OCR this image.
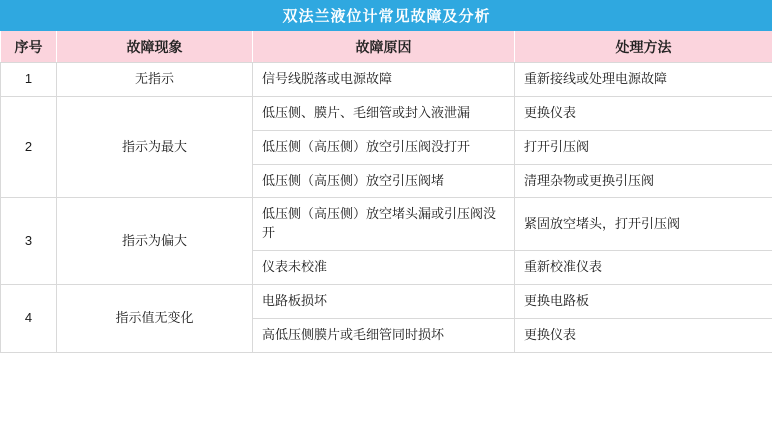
双法兰液位计常见故障及分析			
序号	故障现象	故障原因	处理方法
1	无指示	信号线脱落或电源故障	重新接线或处理电源故障
2	指示为最大	低压侧、膜片、毛细管或封入液泄漏	更换仪表
		低压侧（高压侧）放空引压阀没打开	打开引压阀
		低压侧（高压侧）放空引压阀堵	清理杂物或更换引压阀
3	指示为偏大	低压侧（高压侧）放空堵头漏或引压阀没开	紧固放空堵头，打开引压阀
		仪表未校准	重新校准仪表
4	指示值无变化	电路板损坏	更换电路板
		高低压侧膜片或毛细管同时损坏	更换仪表
